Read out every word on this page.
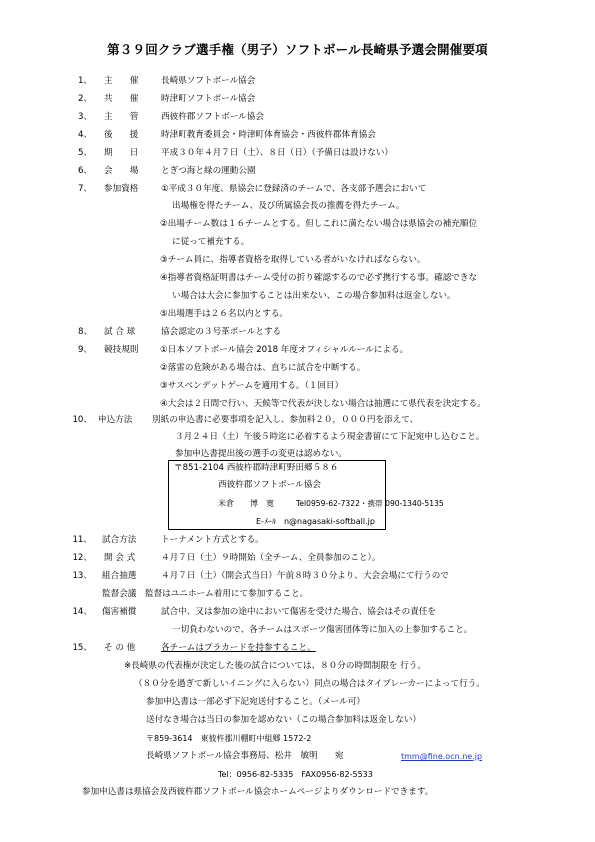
第３９回クラブ選手権（男子）ソフトボール長崎県予選会開催要項
1、 主　　催	長崎県ソフトボール協会
2、 共　　催	時津町ソフトボール協会
3、 主　　管	西彼杵郡ソフトボール協会
4、 後　　援	時津町教育委員会・時津町体育協会・西彼杵郡体育協会
5、 期　　日	平成３０年４月７日（土）、８日（日）（予備日は設けない）
6、 会　　場	とぎつ海と緑の運動公園
7、 参加資格	①平成３０年度、県協会に登録済のチームで、各支部予選会において
出場権を得たチーム、及び所属協会長の推薦を得たチーム。
②出場チーム数は１６チームとする。但しこれに満たない場合は県協会の補充順位
に従って補充する。
③チーム員に、指導者資格を取得している者がいなければならない。
④指導者資格証明書はチーム受付の折り確認するので必ず携行する事。確認できな
い場合は大会に参加することは出来ない、この場合参加料は返金しない。
⑤出場選手は２６名以内とする。
8、 試 合 球	協会認定の３号革ボールとする
9、 競技規則	①日本ソフトボール協会 2018 年度オフィシャルルールによる。
②落雷の危険がある場合は、直ちに試合を中断する。
③サスペンデットゲームを適用する。（１回目）
④大会は２日間で行い、天候等で代表が決しない場合は抽選にて県代表を決定する。
10、 申込方法 別紙の申込書に必要事項を記入し、参加料２０，０００円を添えて、
３月２４日（土）午後５時迄に必着するよう現金書留にて下記宛申し込むこと。
参加申込書提出後の選手の変更は認めない。
〒851-2104 西彼杵郡時津町野田郷５８６
西彼杵郡ソフトボール協会
米倉　　博　寛	Tel0959-62-7322・携帯 090-1340-5135
E-ﾒｰﾙ　n@nagasaki-softball.jp
11、 試合方法	トーナメント方式とする。
12、 開 会 式	４月７日（土）９時開始（全チーム、全員参加のこと）。
13、 組合抽選	４月７日（土）（開会式当日）午前８時３０分より、大会会場にて行うので
監督会議　監督はユニホーム着用にて参加すること。
14、 傷害補償	試合中、又は参加の途中において傷害を受けた場合、協会はその責任を
一切負わないので、各チームはスポーツ傷害団体等に加入の上参加すること。
15、 そ の 他	各チームはプラカードを持参すること。
※長崎県の代表権が決定した後の試合については、８０分の時間制限を 行う。
（８０分を過ぎて新しいイニングに入らない）同点の場合はタイブレーカーによって行う。
参加申込書は一部必ず下記宛送付すること。（メール可）
送付なき場合は当日の参加を認めない（この場合参加料は返金しない）
〒859-3614　東彼杵郡川棚町中組郷 1572-2
長崎県ソフトボール協会事務局、松井　敏明　　宛	tmm@fine.ocn.ne.jp
Tel：0956-82-5335　FAX0956-82-5533
参加申込書は県協会及西彼杵郡ソフトボール協会ホームページよりダウンロードできます。
